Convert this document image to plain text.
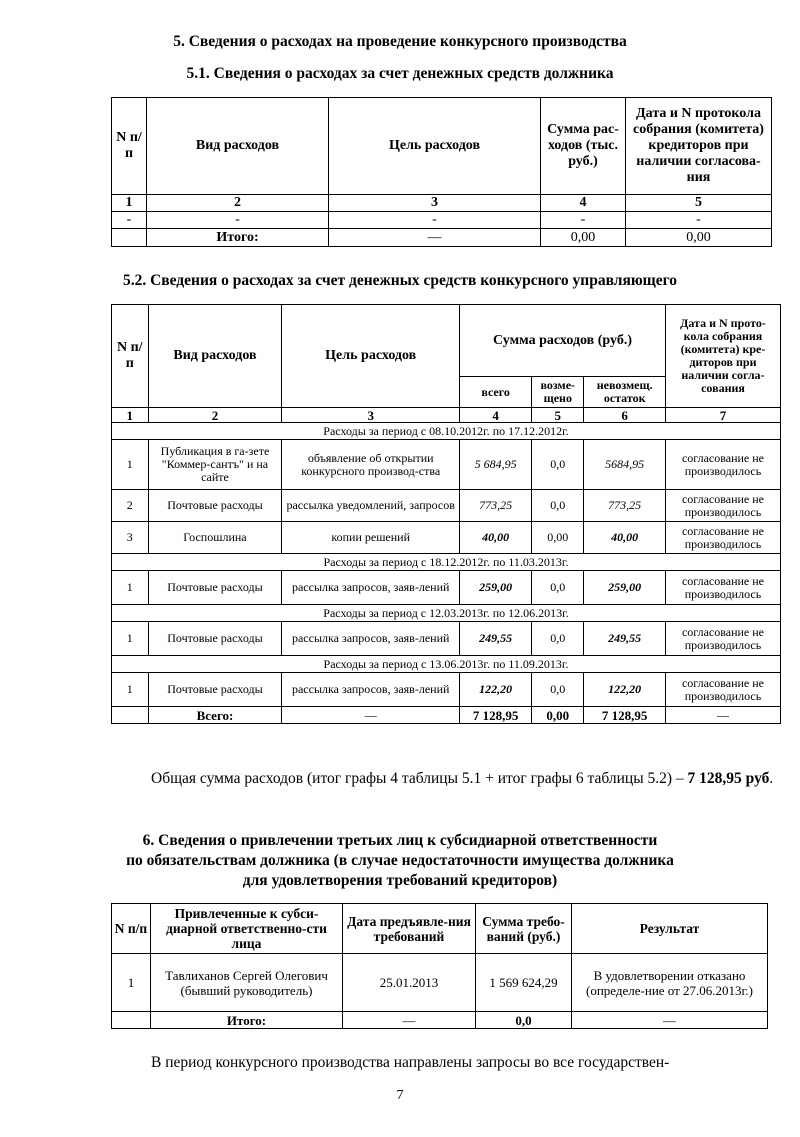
5. Сведения о расходах на проведение конкурсного производства
5.1. Сведения о расходах за счет денежных средств должника
N п/п	Вид расходов	Цель расходов	Сумма рас-ходов (тыс. руб.)	Дата и N протокола собрания (комитета) кредиторов при наличии согласова-ния
1	2	3	4	5
-	-	-	-	-
	Итого:	—	0,00	0,00
5.2. Сведения о расходах за счет денежных средств конкурсного управляющего
N п/п	Вид расходов	Цель расходов	Сумма расходов (руб.)			Дата и N прото-кола собрания (комитета) кре-диторов при наличии согла-сования
			всего	возме-щено	невозмещ. остаток	
1	2	3	4	5	6	7
Расходы за период с 08.10.2012г. по 17.12.2012г.						
1	Публикация в га-зете "Коммер-сантъ" и на сайте	объявление об открытии конкурсного производ-ства	5 684,95	0,0	5684,95	согласование не производилось
2	Почтовые расходы	рассылка уведомлений, запросов	773,25	0,0	773,25	согласование не производилось
3	Госпошлина	копии решений	40,00	0,00	40,00	согласование не производилось
Расходы за период с 18.12.2012г. по 11.03.2013г.						
1	Почтовые расходы	рассылка запросов, заяв-лений	259,00	0,0	259,00	согласование не производилось
Расходы за период с 12.03.2013г. по 12.06.2013г.						
1	Почтовые расходы	рассылка запросов, заяв-лений	249,55	0,0	249,55	согласование не производилось
Расходы за период с 13.06.2013г. по 11.09.2013г.						
1	Почтовые расходы	рассылка запросов, заяв-лений	122,20	0,0	122,20	согласование не производилось
	Всего:	—	7 128,95	0,00	7 128,95	—
Общая сумма расходов (итог графы 4 таблицы 5.1 + итог графы 6 таблицы 5.2) – 7 128,95 руб.
6. Сведения о привлечении третьих лиц к субсидиарной ответственности
по обязательствам должника (в случае недостаточности имущества должника
для удовлетворения требований кредиторов)
N п/п	Привлеченные к субси-диарной ответственно-сти лица	Дата предъявле-ния требований	Сумма требо-ваний (руб.)	Результат
1	Тавлиханов Сергей Олегович (бывший руководитель)	25.01.2013	1 569 624,29	В удовлетворении отказано (определе-ние от 27.06.2013г.)
	Итого:	—	0,0	—
В период конкурсного производства направлены запросы во все государствен-
7
